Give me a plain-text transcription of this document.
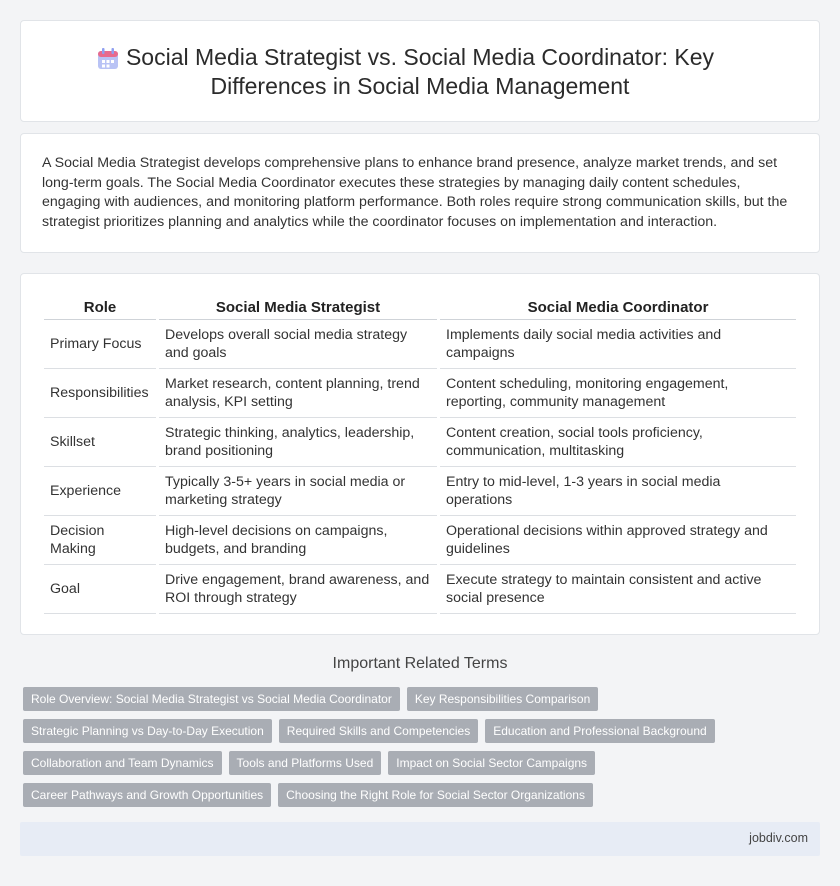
Social Media Strategist vs. Social Media Coordinator: Key Differences in Social Media Management

A Social Media Strategist develops comprehensive plans to enhance brand presence, analyze market trends, and set long-term goals. The Social Media Coordinator executes these strategies by managing daily content schedules, engaging with audiences, and monitoring platform performance. Both roles require strong communication skills, but the strategist prioritizes planning and analytics while the coordinator focuses on implementation and interaction.

Role	Social Media Strategist	Social Media Coordinator
Primary Focus	Develops overall social media strategy and goals	Implements daily social media activities and campaigns
Responsibilities	Market research, content planning, trend analysis, KPI setting	Content scheduling, monitoring engagement, reporting, community management
Skillset	Strategic thinking, analytics, leadership, brand positioning	Content creation, social tools proficiency, communication, multitasking
Experience	Typically 3-5+ years in social media or marketing strategy	Entry to mid-level, 1-3 years in social media operations
Decision Making	High-level decisions on campaigns, budgets, and branding	Operational decisions within approved strategy and guidelines
Goal	Drive engagement, brand awareness, and ROI through strategy	Execute strategy to maintain consistent and active social presence
Important Related Terms
Role Overview: Social Media Strategist vs Social Media Coordinator	Key Responsibilities Comparison
Strategic Planning vs Day-to-Day Execution	Required Skills and Competencies	Education and Professional Background
Collaboration and Team Dynamics	Tools and Platforms Used	Impact on Social Sector Campaigns
Career Pathways and Growth Opportunities	Choosing the Right Role for Social Sector Organizations
jobdiv.com
